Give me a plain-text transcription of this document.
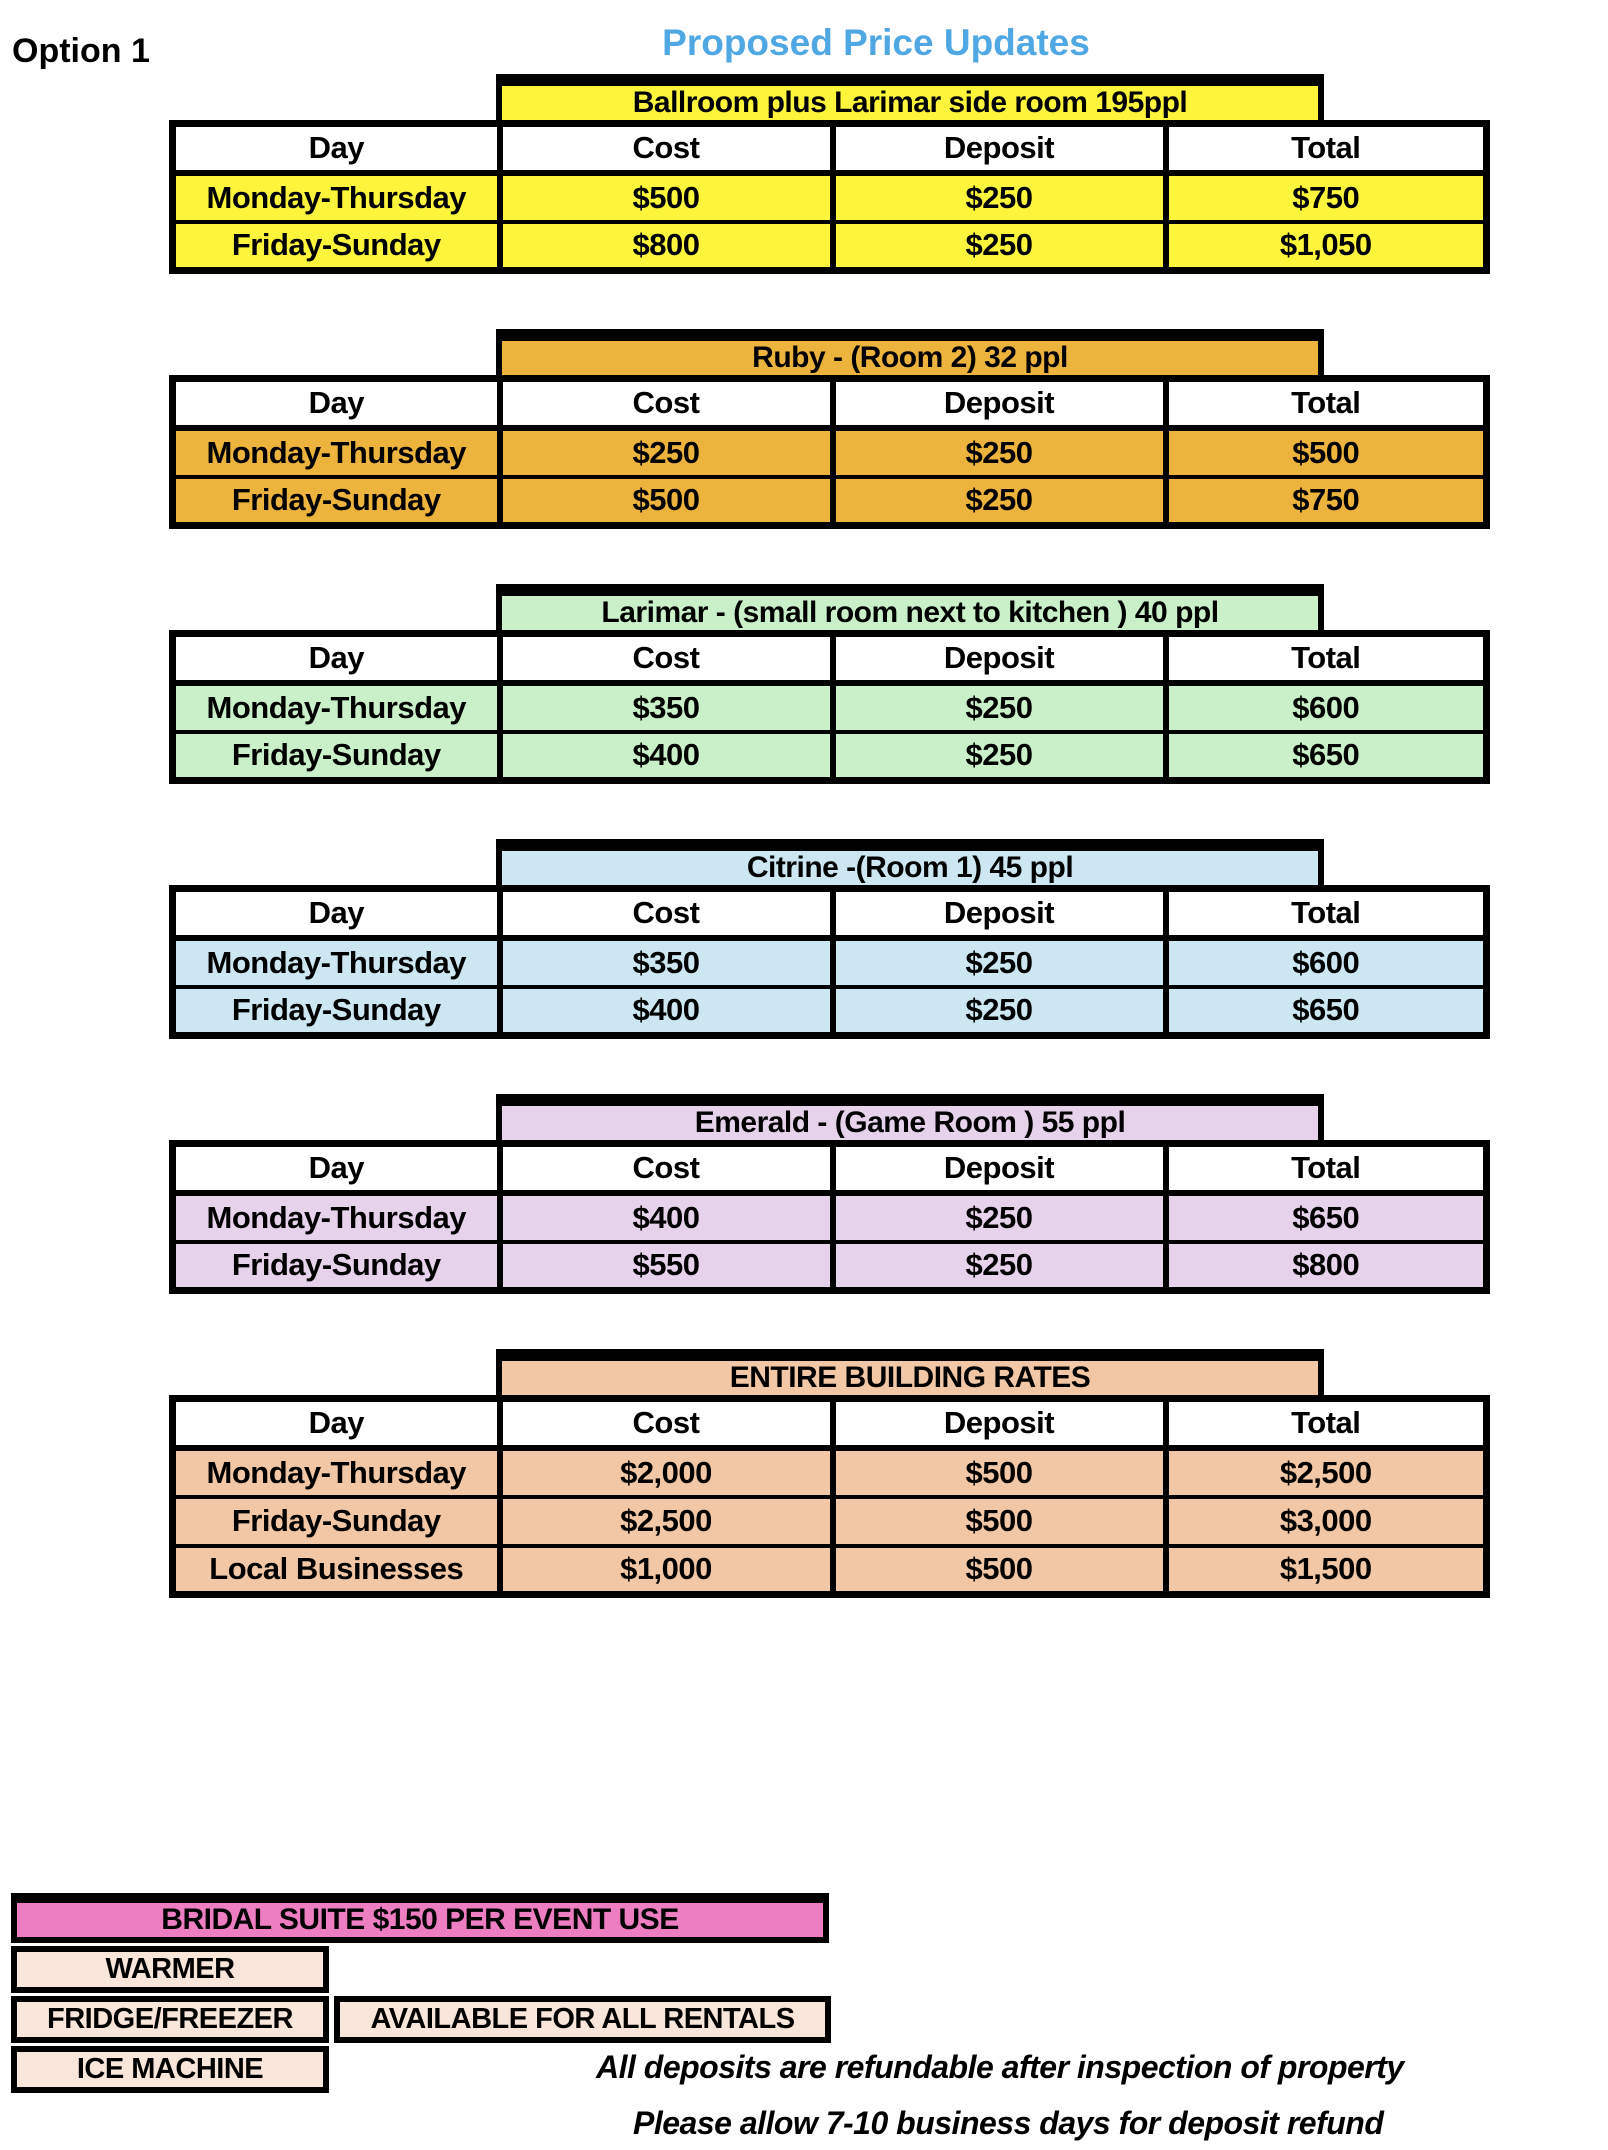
Option 1	Proposed Price Updates
Ballroom plus Larimar side room 195ppl
Day	Cost	Deposit	Total
Monday-Thursday	$500	$250	$750
Friday-Sunday	$800	$250	$1,050
Ruby - (Room 2) 32 ppl
Day	Cost	Deposit	Total
Monday-Thursday	$250	$250	$500
Friday-Sunday	$500	$250	$750
Larimar - (small room next to kitchen ) 40 ppl
Day	Cost	Deposit	Total
Monday-Thursday	$350	$250	$600
Friday-Sunday	$400	$250	$650
Citrine -(Room 1) 45 ppl
Day	Cost	Deposit	Total
Monday-Thursday	$350	$250	$600
Friday-Sunday	$400	$250	$650
Emerald - (Game Room ) 55 ppl
Day	Cost	Deposit	Total
Monday-Thursday	$400	$250	$650
Friday-Sunday	$550	$250	$800
ENTIRE BUILDING RATES
Day	Cost	Deposit	Total
Monday-Thursday	$2,000	$500	$2,500
Friday-Sunday	$2,500	$500	$3,000
Local Businesses	$1,000	$500	$1,500
BRIDAL SUITE $150 PER EVENT USE
WARMER
FRIDGE/FREEZER	AVAILABLE FOR ALL RENTALS
ICE MACHINE	All deposits are refundable after inspection of property
Please allow 7-10 business days for deposit refund
